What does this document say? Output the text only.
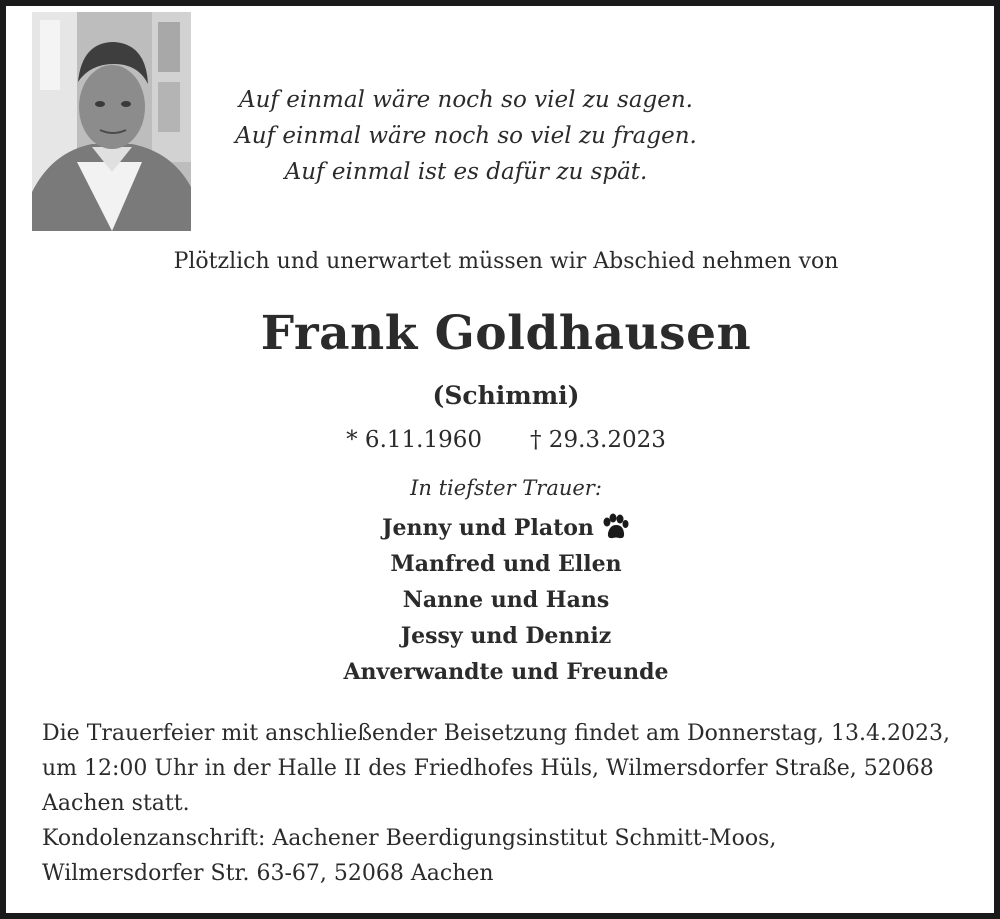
Auf einmal wäre noch so viel zu sagen.
Auf einmal wäre noch so viel zu fragen.
Auf einmal ist es dafür zu spät.
Plötzlich und unerwartet müssen wir Abschied nehmen von
Frank Goldhausen
(Schimmi)
* 6.11.1960 † 29.3.2023
In tiefster Trauer:
Jenny und Platon
Manfred und Ellen
Nanne und Hans
Jessy und Denniz
Anverwandte und Freunde
Die Trauerfeier mit anschließender Beisetzung findet am Donnerstag, 13.4.2023,
um 12:00 Uhr in der Halle II des Friedhofes Hüls, Wilmersdorfer Straße, 52068
Aachen statt.
Kondolenzanschrift: Aachener Beerdigungsinstitut Schmitt-Moos,
Wilmersdorfer Str. 63-67, 52068 Aachen
